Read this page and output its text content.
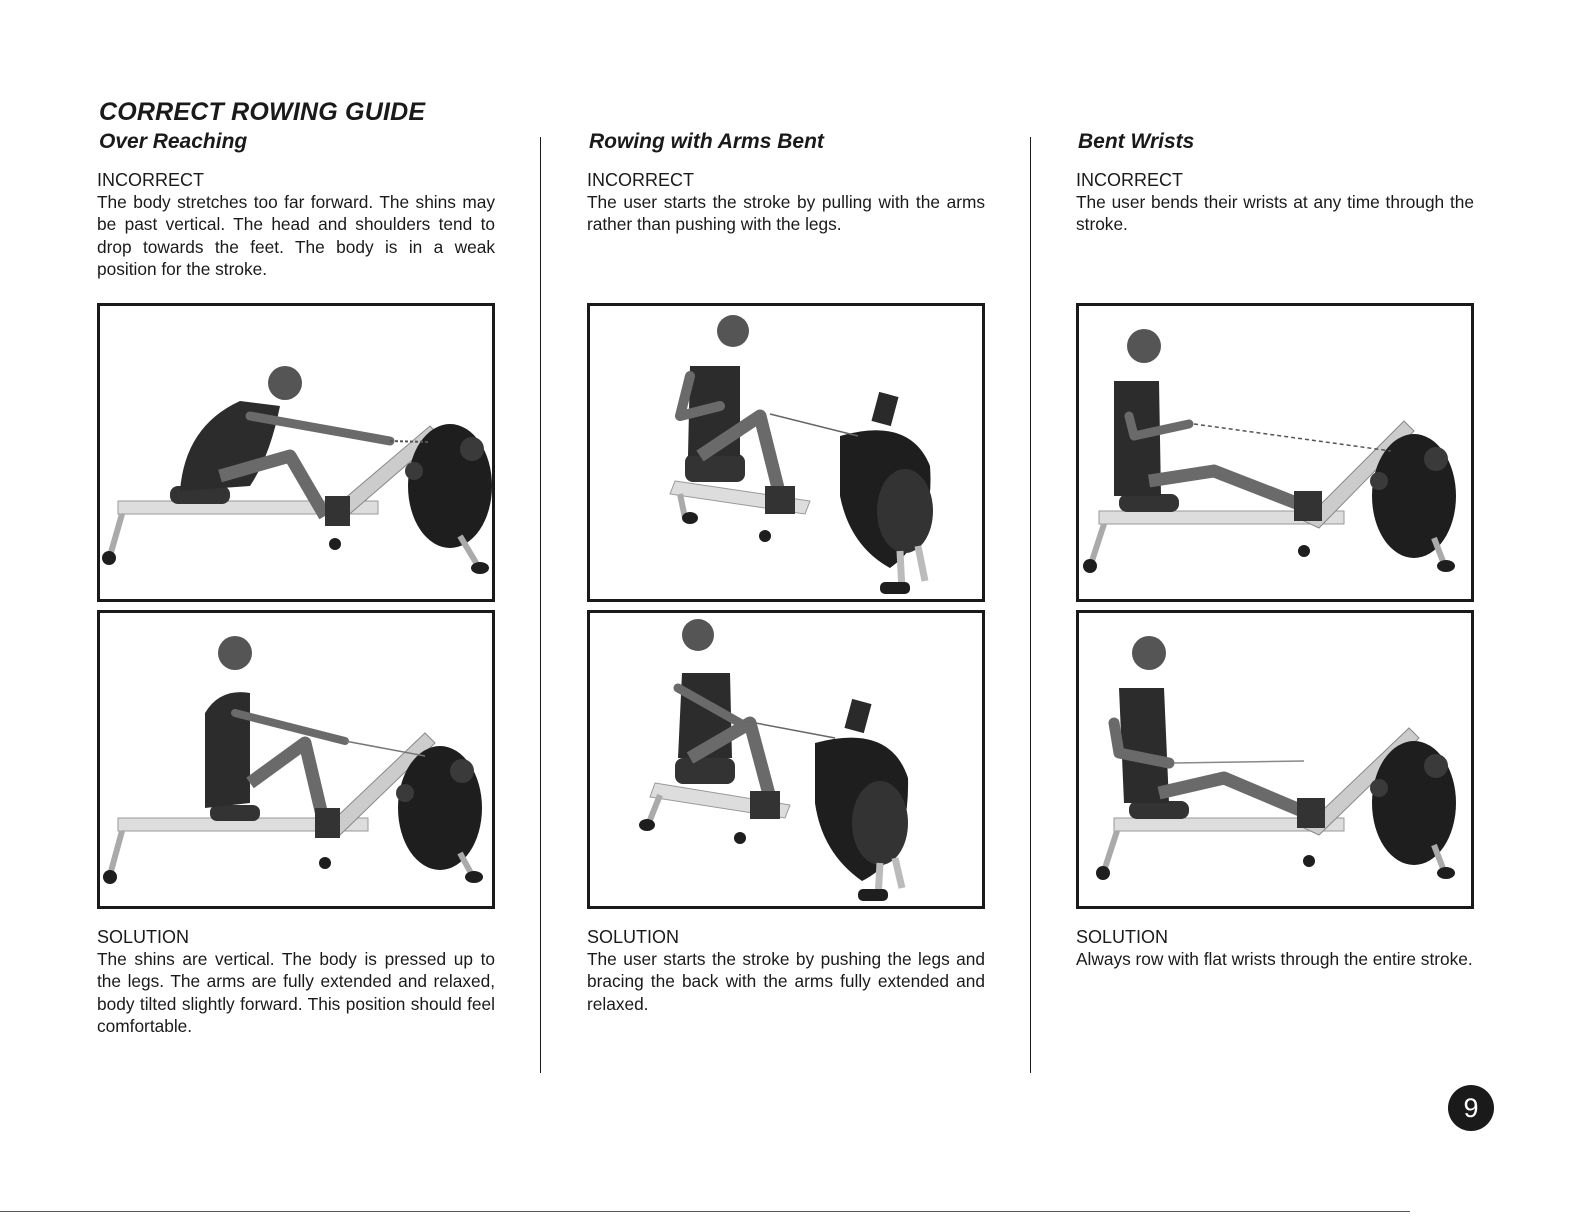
CORRECT ROWING GUIDE
Over Reaching
INCORRECT

The body stretches too far forward. The shins may be past vertical. The head and shoulders tend to drop towards the feet. The body is in a weak position for the stroke.

SOLUTION

The shins are vertical. The body is pressed up to the legs. The arms are fully extended and relaxed, body tilted slightly forward. This position should feel comfortable.

Rowing with Arms Bent
INCORRECT

The user starts the stroke by pulling with the arms rather than pushing with the legs.

SOLUTION

The user starts the stroke by pushing the legs and bracing the back with the arms fully extended and relaxed.

Bent Wrists
INCORRECT

The user bends their wrists at any time through the stroke.

SOLUTION

Always row with flat wrists through the entire stroke.

9
